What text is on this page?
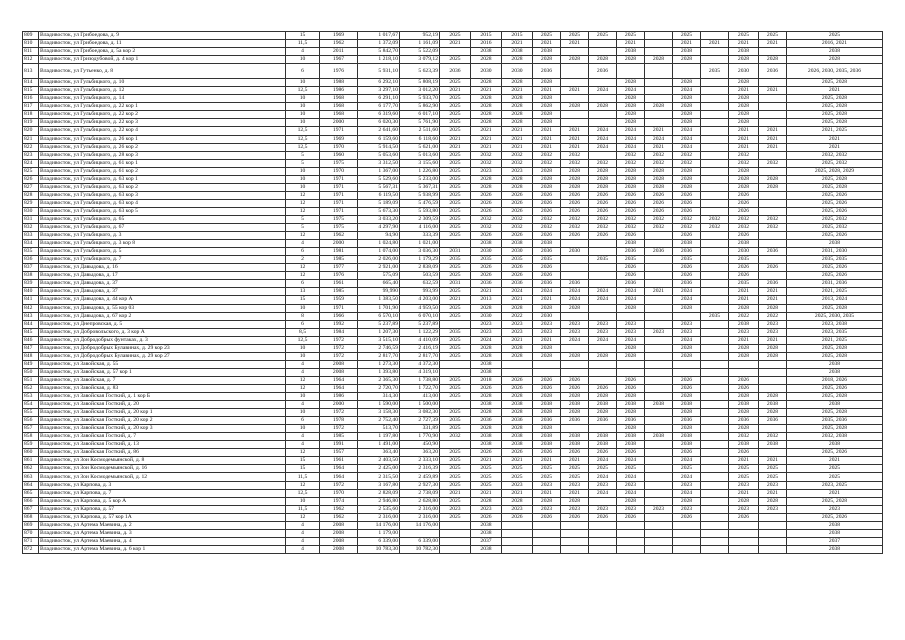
809	Владивосток, ул Грибоедова, д. 9	15	1969	1 017,67	952,19	2025	2015	2015	2025	2025	2025	2025		2025		2025	2025	2025
810	Владивосток, ул Грибоедова, д. 11	11,5	1962	1 372,09	1 161,09	2021	2016	2021	2021	2021		2021		2021	2021	2021	2021	2016, 2021
811	Владивосток, ул Грибоедова, д. 5а кор 2	4	2011	5 842,70	5 522,09		2038	2038	2038			2038		2038		2038		2038
812	Владивосток, ул Гризодубовой, д. 4 кор 1	10	1967	1 218,10	3 079,12	2025	2028	2028	2028	2028	2028	2028	2028	2028		2028	2028	2028
813	Владивосток, ул Гутьенко, д. 8	6	1976	5 931,10	5 623,39	2036	2030	2030	2036		2036				2035	2030	2036	2026, 2030, 2035, 2036
814	Владивосток, ул Гульбицкого, д. 10	10	1988	6 292,10	5 808,19	2025	2028	2028	2028			2028		2028		2028		2025, 2028
815	Владивосток, ул Гульбицкого, д. 12	12,5	1986	3 297,10	3 012,20	2021	2021	2021	2021	2021	2024	2024		2024		2021	2021	2021
816	Владивосток, ул Гульбицкого, д. 14	10	1968	6 291,10	5 933,70	2025	2028	2028	2028			2028		2028		2028		2025, 2028
817	Владивосток, ул Гульбицкого, д. 22 кор 1	10	1968	6 177,70	5 862,90	2025	2028	2028	2028	2028	2028	2028	2028	2028		2028		2025, 2028
818	Владивосток, ул Гульбицкого, д. 22 кор 2	10	1968	6 319,60	6 017,10	2025	2028	2028	2028			2028		2028		2028		2025, 2028
819	Владивосток, ул Гульбицкого, д. 22 кор 3	10	2000	6 020,30	5 761,90	2025	2028	2028	2028			2028		2028		2028		2025, 2028
820	Владивосток, ул Гульбицкого, д. 22 кор 4	12,5	1971	2 641,60	2 511,60	2025	2021	2021	2021	2021	2024	2024	2021	2024		2021	2021	2021, 2025
821	Владивосток, ул Гульбицкого, д. 26 кор 1	12,5	1969	6 159,60	6 118,60	2021	2021	2021	2021	2021	2024	2024	2024	2024		2021	2021	2021
822	Владивосток, ул Гульбицкого, д. 26 кор 2	12,5	1970	5 914,50	5 621,00	2021	2021	2021	2021	2021	2024	2024	2021	2024		2021	2021	2021
823	Владивосток, ул Гульбицкого, д. 28 кор 3	5	1960	5 053,60	5 013,60	2025	2032	2032	2032	2032		2032	2032	2032		2032		2032, 2032
824	Владивосток, ул Гульбицкого, д. 61 кор 1	5	1975	3 312,50	3 155,60	2025	2032	2032	2032	2032	2032	2032	2032	2032		2032	2032	2025, 2032
825	Владивосток, ул Гульбицкого, д. 61 кор 2	10	1970	1 367,00	1 226,80	2025	2023	2023	2028	2028	2028	2028	2028	2028		2028		2025, 2028, 2029
826	Владивосток, ул Гульбицкого, д. 63 кор 1	10	1971	5 529,60	5 233,00	2025	2028	2028	2028	2028	2028	2028	2028	2028		2028	2028	2025, 2028
827	Владивосток, ул Гульбицкого, д. 63 кор 2	10	1971	5 567,31	5 367,31	2025	2028	2028	2028	2028	2028	2028	2028	2028		2028	2028	2025, 2028
828	Владивосток, ул Гульбицкого, д. 63 кор 3	12	1971	6 119,50	5 938,99	2025	2026	2026	2026	2026	2026	2026	2026	2026		2026		2025, 2026
829	Владивосток, ул Гульбицкого, д. 63 кор 4	12	1971	5 189,09	5 476,59	2025	2026	2026	2026	2026	2026	2026	2026	2026		2026		2025, 2026
830	Владивосток, ул Гульбицкого, д. 63 кор 5	12	1971	5 673,30	5 593,80	2025	2026	2026	2026	2026	2026	2026	2026	2026		2026		2025, 2026
831	Владивосток, ул Гульбицкого, д. 65	5	1975	3 033,20	2 309,59	2025	2032	2032	2032	2032	2032	2032	2032	2032	2032	2032	2032	2025, 2032
832	Владивосток, ул Гульбицкого, д. 67	5	1975	4 297,90	4 116,00	2025	2032	2032	2032	2032	2032	2032	2032	2032	2032	2032	2032	2025, 2032
833	Владивосток, ул Гульбицкого, д. 3	12	1962	94,90	333,39	2025	2026	2026	2026	2026	2026	2026		2026		2026		2025, 2026
834	Владивосток, ул Гульбицкого, д. 3 кор 8	4	2000	1 024,80	1 021,00		2038	2038	2038			2038		2038		2038		2038
835	Владивосток, ул Гульбицкого, д. 5	6	1981	1 074,00	3 036,30	2031	2030	2030	2036	2030		2036	2036	2036		2030	2036	2031, 2030
836	Владивосток, ул Гульбицкого, д. 7	2	1985	2 026,00	1 179,29	2035	2035	2035	2035		2035	2035		2035		2035		2035, 2035
837	Владивосток, ул Давыдова, д. 16	12	1977	2 921,00	2 838,09	2025	2026	2026	2026			2026		2026		2026	2026	2025, 2026
838	Владивосток, ул Давыдова, д. 17	12	1976	575,09	503,59	2025	2026	2026	2026			2026		2026		2026		2025, 2026
839	Владивосток, ул Давыдова, д. 37	6	1961	665,40	632,59	2031	2036	2036	2036	2036		2036		2036		2035	2036	2031, 2036
840	Владивосток, ул Давыдова, д. 37	13	1985	99,990	993,99	2025	2021	2024	2024	2024	2024	2024	2021	2024		2021	2021	2021, 2025
841	Владивосток, ул Давыдова, д. 44 кор А	15	1959	1 383,50	4 203,00	2021	2013	2021	2021	2024	2024	2024		2024		2021	2021	2013, 2024
842	Владивосток, ул Давыдова, д. 55 кор 03	10	1971	1 701,90	4 959,50	2025	2028	2028	2028	2028		2028		2028		2028	2028	2025, 2028
843	Владивосток, ул Давыдова, д. 67 кор 2	8	1966	6 570,10	6 070,10	2025	2030	2022	2030						2035	2022	2022	2025, 2030, 2035
844	Владивосток, ул Днепровская, д. 5	6	1992	5 237,89	5 237,89		2023	2023	2023	2023	2023	2023		2023		2038	2023	2023, 2038
845	Владивосток, ул Добровольского, д. 3 кор А	8,5	1984	1 207,30	1 122,29	2035	2023	2023	2023	2023	2023	2023	2023	2023		2023	2023	2023, 2035
846	Владивосток, ул Добродобрых фунтаках, д. 3	12,5	1972	3 515,10	4 410,09	2025	2024	2021	2021	2024	2024	2024		2024		2021	2021	2021, 2025
847	Владивосток, ул Добродобрых Булавинах, д. 29 кор 23	10	1972	2 746,59	2 416,19	2025	2028	2028	2028			2028		2028		2028	2028	2025, 2028
848	Владивосток, ул Добродобрых Булавинах, д. 29 кор 27	10	1972	2 817,70	2 817,70	2025	2028	2028	2028	2028	2028	2028		2028		2028	2028	2025, 2028
849	Владивосток, ул Завойская, д. 55	4	2008	1 273,30	4 372,30		2038											2038
850	Владивосток, ул Завойская, д. 57 кор 1	4	2008	1 393,80	4 319,10		2038											2038
851	Владивосток, ул Завойская, д. 7	12	1964	2 365,30	1 738,80	2025	2018	2026	2026	2026		2026		2026		2026		2018, 2026
852	Владивосток, ул Завойская, д. 83	12	1964	2 720,70	1 722,70	2025	2026	2026	2026	2026	2026	2026		2026		2026		2025, 2026
853	Владивосток, ул Завойская Госткий, д. 1 кор Б	10	1986	314,30	413,00	2025	2028	2028	2028	2028	2028	2028		2028		2028	2028	2025, 2028
854	Владивосток, ул Завойская Госткий, д. 20	4	2000	1 590,00	1 500,00		2038	2038	2038	2038	2038	2038	2038	2038		2038	2038	2038
855	Владивосток, ул Завойская Госткий, д. 20 кор 1	10	1972	3 158,30	3 082,30	2025	2028	2028	2028	2028	2028	2028		2028		2028	2028	2025, 2028
856	Владивосток, ул Завойская Госткий, д. 20 кор 2	6	1978	2 752,40	2 727,39	2035	2036	2036	2036	2036	2036	2036		2036		2036	2036	2035, 2036
857	Владивосток, ул Завойская Госткий, д. 20 кор 3	10	1972	513,70	331,89	2025	2028	2028	2028			2028		2028		2028		2025, 2028
858	Владивосток, ул Завойская Госткий, д. 7	4	1985	1 197,80	1 770,90	2032	2038	2038	2038	2038	2038	2038	2038	2038		2032	2032	2032, 2038
859	Владивосток, ул Завойская Госткий, д. 13	4	1991	1 491,00	450,90		2038	2038	2038	2038	2038	2038		2038		2038	2038	2038
860	Владивосток, ул Завойская Госткий, д. 86	12	1957	363,40	363,20	2025	2026	2026	2026	2026	2026	2026		2026		2026		2025, 2026
861	Владивосток, ул Зои Космодемьянской, д. 8	15	1961	2 403,50	2 333,10	2025	2021	2021	2021	2021	2024	2024		2024		2021	2021	2021
862	Владивосток, ул Зои Космодемьянской, д. 16	15	1964	2 425,00	2 316,39	2025	2025	2025	2025	2025	2025	2025		2025		2025	2025	2025
863	Владивосток, ул Зои Космодемьянской, д. 12	11,5	1964	2 315,50	2 459,89	2025	2025	2025	2025	2025	2024	2024		2024		2025	2025	2025
864	Владивосток, ул Карпова, д. 3	12	1972	3 167,80	2 927,30	2025	2025	2023	2023	2023	2023	2023		2023		2023	2023	2023, 2025
865	Владивосток, ул Карпова, д. 7	12,5	1970	2 828,09	2 738,09	2021	2021	2021	2021	2021	2024	2024		2024		2021	2021	2021
866	Владивосток, ул Карпова, д. 5 кор А	10	1974	2 946,80	2 628,80	2025	2028	2028	2028	2028		2028		2028		2028	2028	2025, 2028
867	Владивосток, ул Карпова, д. 57	11,5	1962	2 535,60	2 316,00	2023	2023	2023	2023	2023	2023	2023	2023	2023		2023	2023	2023
868	Владивосток, ул Карпова, д. 57 кор 1А	12	1962	2 316,00	2 316,00	2025	2026	2026	2026	2026	2026	2026		2026		2026		2025, 2026
869	Владивосток, ул Артема Маевина, д. 2	4	2008	14 176,00	14 176,00		2038											2038
870	Владивосток, ул Артема Маевина, д. 3	4	2008	1 179,00			2038											2038
871	Владивосток, ул Артема Маевина, д. 4	4	2008	6 339,00	6 339,00		2037											2037
872	Владивосток, ул Артема Маевина, д. 6 кор 1	4	2008	10 783,30	10 782,30		2038											2038
